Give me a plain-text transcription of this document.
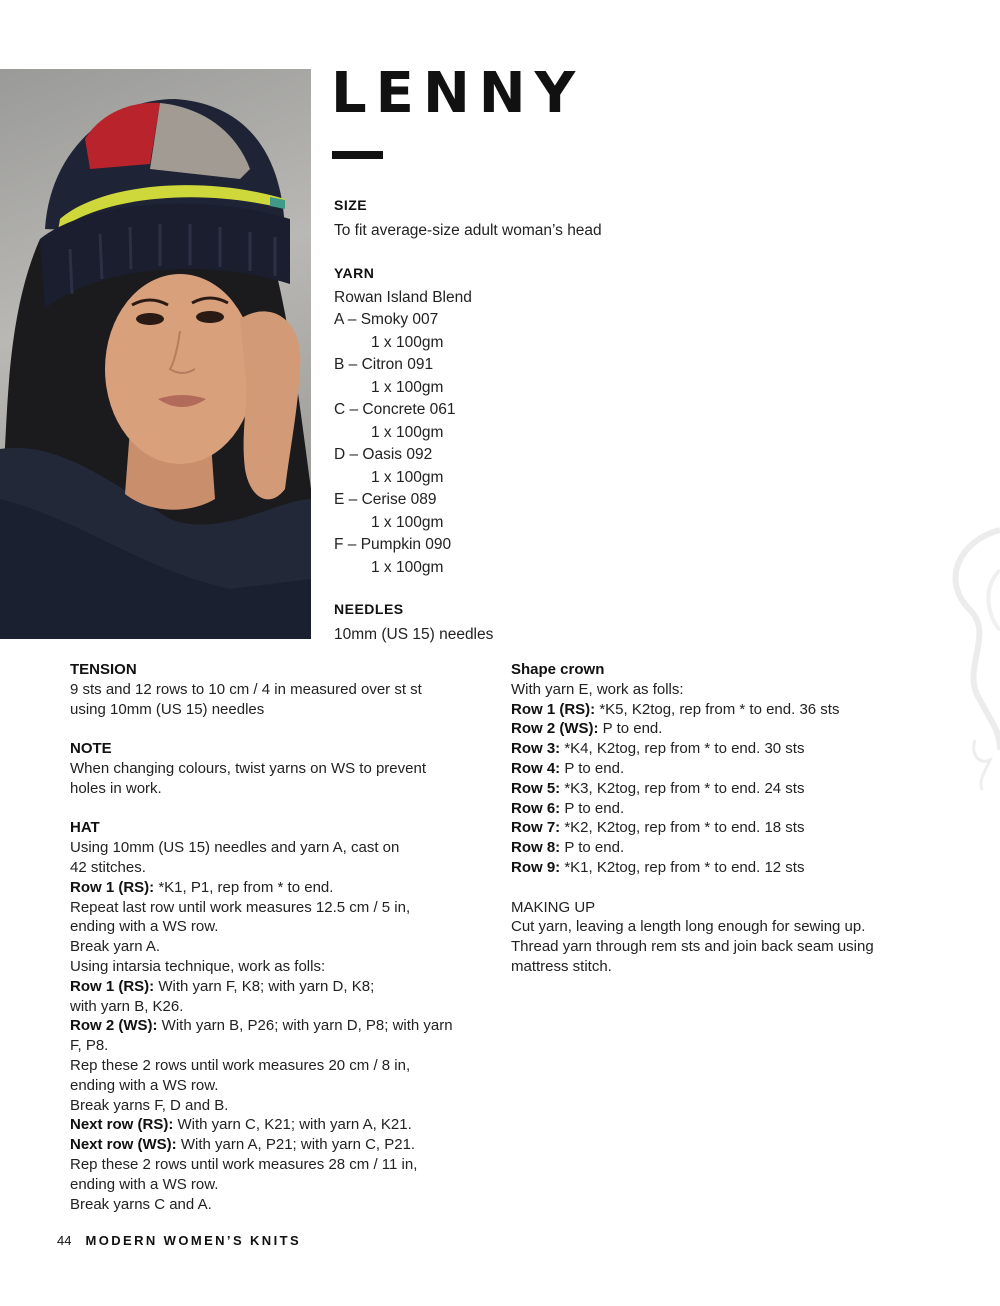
LENNY

SIZE

To fit average-size adult woman’s head

YARN

Rowan Island Blend

A – Smoky 007

1 x 100gm

B – Citron 091

1 x 100gm

C – Concrete 061

1 x 100gm

D – Oasis 092

1 x 100gm

E – Cerise 089

1 x 100gm

F – Pumpkin 090

1 x 100gm

NEEDLES

10mm (US 15) needles

TENSION
9 sts and 12 rows to 10 cm / 4 in measured over st st
using 10mm (US 15) needles
NOTE
When changing colours, twist yarns on WS to prevent
holes in work.
HAT
Using 10mm (US 15) needles and yarn A, cast on
42 stitches.
Row 1 (RS): *K1, P1, rep from * to end.
Repeat last row until work measures 12.5 cm / 5 in,
ending with a WS row.
Break yarn A.
Using intarsia technique, work as folls:
Row 1 (RS): With yarn F, K8; with yarn D, K8;
with yarn B, K26.
Row 2 (WS): With yarn B, P26; with yarn D, P8; with yarn
F, P8.
Rep these 2 rows until work measures 20 cm / 8 in,
ending with a WS row.
Break yarns F, D and B.
Next row (RS): With yarn C, K21; with yarn A, K21.
Next row (WS): With yarn A, P21; with yarn C, P21.
Rep these 2 rows until work measures 28 cm / 11 in,
ending with a WS row.
Break yarns C and A.
Shape crown
With yarn E, work as folls:
Row 1 (RS): *K5, K2tog, rep from * to end. 36 sts
Row 2 (WS): P to end.
Row 3: *K4, K2tog, rep from * to end. 30 sts
Row 4: P to end.
Row 5: *K3, K2tog, rep from * to end. 24 sts
Row 6: P to end.
Row 7: *K2, K2tog, rep from * to end. 18 sts
Row 8: P to end.
Row 9: *K1, K2tog, rep from * to end. 12 sts
MAKING UP
Cut yarn, leaving a length long enough for sewing up.
Thread yarn through rem sts and join back seam using
mattress stitch.
44 MODERN WOMEN’S KNITS
